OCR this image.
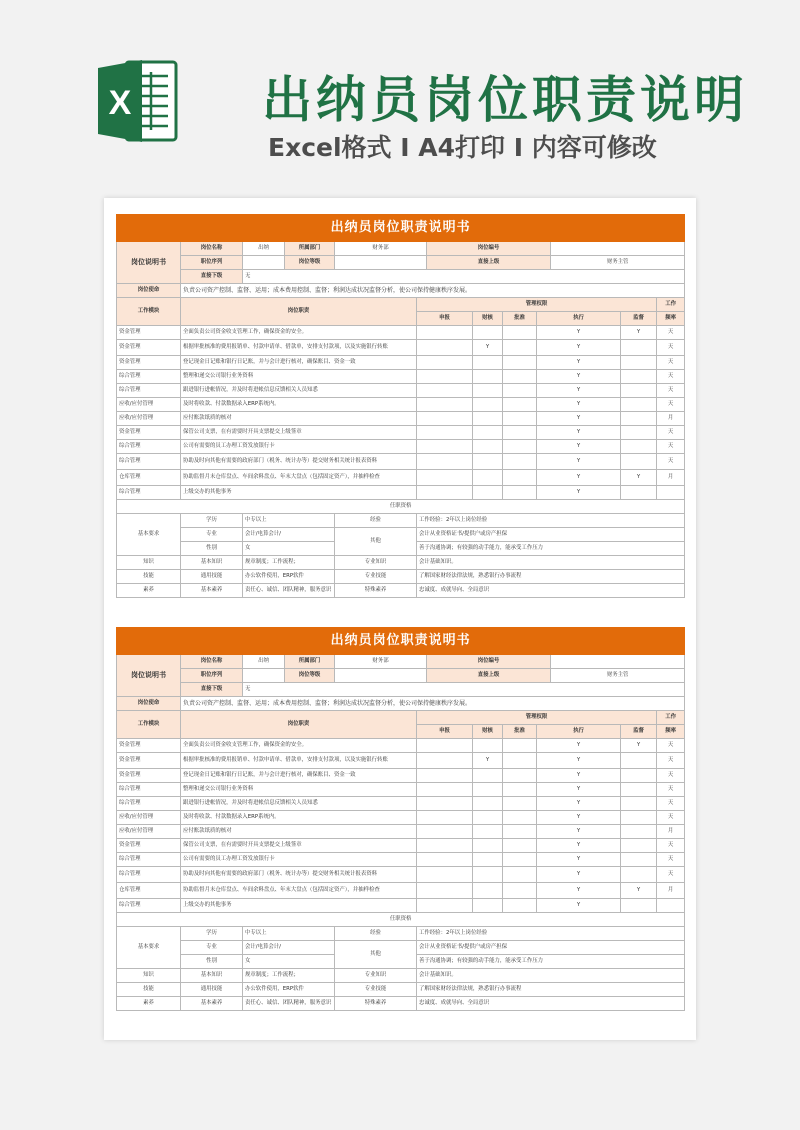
X	出纳员岗位职责说明
Excel格式 I A4打印 I 内容可修改
出纳员岗位职责说明书												
岗位说明书	岗位名称	出纳	所属部门	财务部		岗位编号						
	职位序列		岗位等级			直接上级				财务主管		
	直接下级	无										
岗位使命	负责公司资产控制、监督、运用；成本费用控制、监督；利润达成状况监督分析，使公司保持健康秩序发展。											
工作模块	岗位职责				管理权限							工作
					申报		财核	批准	执行		监督	频率
资金管理	全面负责公司资金收支管理工作，确保资金的安全。								Y		Y	天
资金管理	根据审批核准的费用报销单、付款申请单、借款单，安排支付款项，以及实施银行转账						Y		Y			天
资金管理	登记现金日记账和银行日记账，并与会计进行核对，确保账目、资金一致								Y			天
综合管理	整理和递交公司银行业务资料								Y			天
综合管理	跟进银行进帐情况，并及时将进帐信息反馈相关人员知悉								Y			天
应收/应付管理	及时将收款、付款数据录入ERP系统内。								Y			天
应收/应付管理	应付账款纸质的核对								Y			月
资金管理	保管公司支票，在有需要时开具支票提交上级签章								Y			天
综合管理	公司有需要的员工办理工资发放银行卡								Y			天
综合管理	协助及时向其他有需要的政府部门（税务、统计办等）提交财务相关统计报表资料								Y			天
仓库管理	协助监督月末仓库盘点、车间余料盘点、年末大盘点（包括固定资产），并抽样检查								Y		Y	月
综合管理	上级交办的其他事务								Y			
任职资格												
基本要求	学历	中专以上		经验	工作经验：2年以上岗位经验							
	专业	会计/电算会计/		其他	会计从业资格证书/提供户或房产担保							
	性别	女			善于沟通协调；有较强的动手能力，能承受工作压力							
知识	基本知识	规章制度；工作流程；		专业知识	会计基础知识。							
技能	通用技能	办公软件使用，ERP软件		专业技能	了解国家财经法律法规，熟悉银行办事流程							
素养	基本素养	责任心、诚信、团队精神，服务意识		特殊素养	忠诚度、成就导向、全局意识							
出纳员岗位职责说明书												
岗位说明书	岗位名称	出纳	所属部门	财务部		岗位编号						
	职位序列		岗位等级			直接上级				财务主管		
	直接下级	无										
岗位使命	负责公司资产控制、监督、运用；成本费用控制、监督；利润达成状况监督分析，使公司保持健康秩序发展。											
工作模块	岗位职责				管理权限							工作
					申报		财核	批准	执行		监督	频率
资金管理	全面负责公司资金收支管理工作，确保资金的安全。								Y		Y	天
资金管理	根据审批核准的费用报销单、付款申请单、借款单，安排支付款项，以及实施银行转账						Y		Y			天
资金管理	登记现金日记账和银行日记账，并与会计进行核对，确保账目、资金一致								Y			天
综合管理	整理和递交公司银行业务资料								Y			天
综合管理	跟进银行进帐情况，并及时将进帐信息反馈相关人员知悉								Y			天
应收/应付管理	及时将收款、付款数据录入ERP系统内。								Y			天
应收/应付管理	应付账款纸质的核对								Y			月
资金管理	保管公司支票，在有需要时开具支票提交上级签章								Y			天
综合管理	公司有需要的员工办理工资发放银行卡								Y			天
综合管理	协助及时向其他有需要的政府部门（税务、统计办等）提交财务相关统计报表资料								Y			天
仓库管理	协助监督月末仓库盘点、车间余料盘点、年末大盘点（包括固定资产），并抽样检查								Y		Y	月
综合管理	上级交办的其他事务								Y			
任职资格												
基本要求	学历	中专以上		经验	工作经验：2年以上岗位经验							
	专业	会计/电算会计/		其他	会计从业资格证书/提供户或房产担保							
	性别	女			善于沟通协调；有较强的动手能力，能承受工作压力							
知识	基本知识	规章制度；工作流程；		专业知识	会计基础知识。							
技能	通用技能	办公软件使用，ERP软件		专业技能	了解国家财经法律法规，熟悉银行办事流程							
素养	基本素养	责任心、诚信、团队精神，服务意识		特殊素养	忠诚度、成就导向、全局意识							
